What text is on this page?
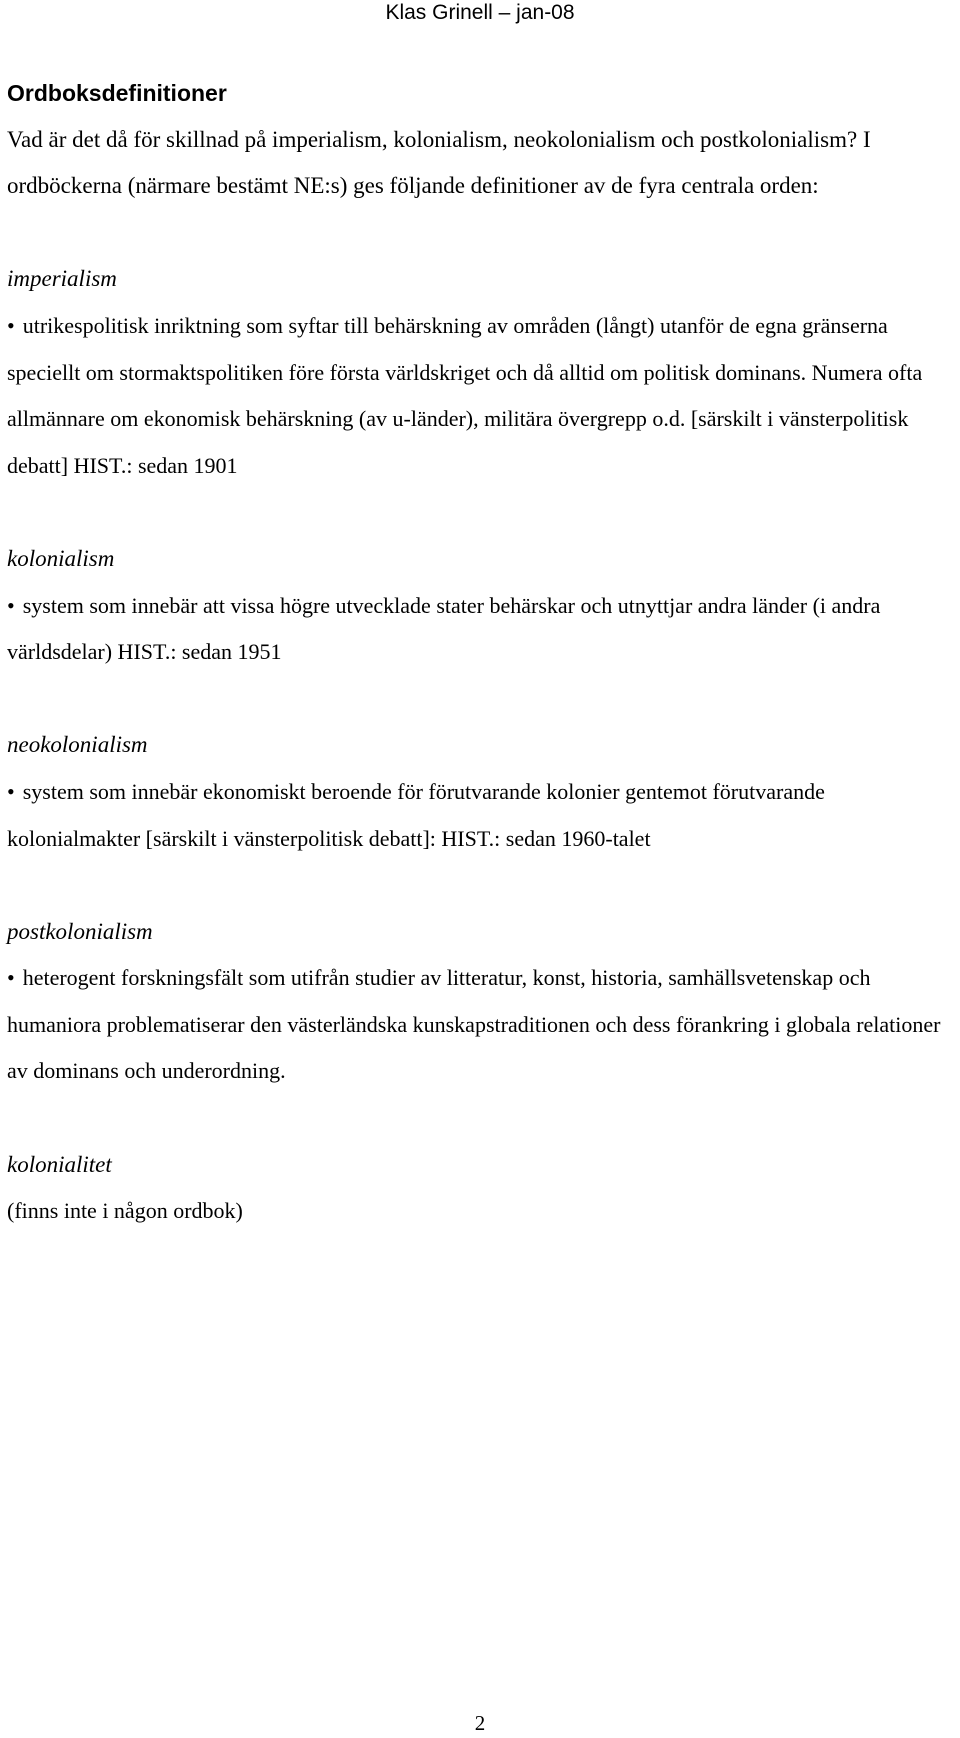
Klas Grinell – jan-08
Ordboksdefinitioner

Vad är det då för skillnad på imperialism, kolonialism, neokolonialism och postkolonialism? I ordböckerna (närmare bestämt NE:s) ges följande definitioner av de fyra centrala orden:

imperialism
• utrikespolitisk inriktning som syftar till behärskning av områden (långt) utanför de egna gränserna speciellt om stormaktspolitiken före första världskriget och då alltid om politisk dominans. Numera ofta allmännare om ekonomisk behärskning (av u-länder), militära övergrepp o.d. [särskilt i vänsterpolitisk debatt] HIST.: sedan 1901
kolonialism
• system som innebär att vissa högre utvecklade stater behärskar och utnyttjar andra länder (i andra världsdelar) HIST.: sedan 1951
neokolonialism
• system som innebär ekonomiskt beroende för förutvarande kolonier gentemot förutvarande kolonialmakter [särskilt i vänsterpolitisk debatt]: HIST.: sedan 1960-talet
postkolonialism
• heterogent forskningsfält som utifrån studier av litteratur, konst, historia, samhällsvetenskap och humaniora problematiserar den västerländska kunskapstraditionen och dess förankring i globala relationer av dominans och underordning.
kolonialitet
(finns inte i någon ordbok)
2
